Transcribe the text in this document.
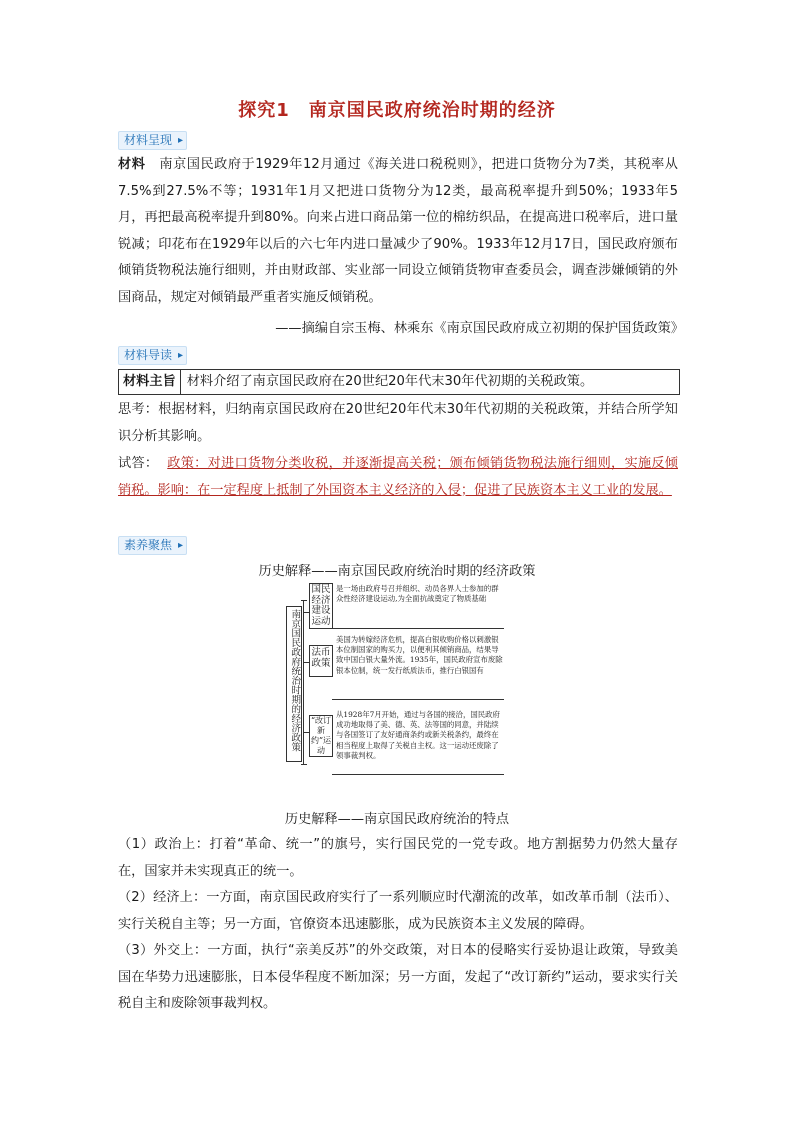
探究1　南京国民政府统治时期的经济
材料呈现 ▸
材料 南京国民政府于1929年12月通过《海关进口税税则》，把进口货物分为7类，其税率从7.5%到27.5%不等；1931年1月又把进口货物分为12类，最高税率提升到50%；1933年5月，再把最高税率提升到80%。向来占进口商品第一位的棉纺织品，在提高进口税率后，进口量锐减；印花布在1929年以后的六七年内进口量减少了90%。1933年12月17日，国民政府颁布倾销货物税法施行细则，并由财政部、实业部一同设立倾销货物审查委员会，调查涉嫌倾销的外国商品，规定对倾销最严重者实施反倾销税。
——摘编自宗玉梅、林乘东《南京国民政府成立初期的保护国货政策》
材料导读 ▸
材料主旨 材料介绍了南京国民政府在20世纪20年代末30年代初期的关税政策。
思考：根据材料，归纳南京国民政府在20世纪20年代末30年代初期的关税政策，并结合所学知识分析其影响。
试答： 政策：对进口货物分类收税，并逐渐提高关税；颁布倾销货物税法施行细则，实施反倾销税。影响：在一定程度上抵制了外国资本主义经济的入侵；促进了民族资本主义工业的发展。
素养聚焦 ▸
历史解释——南京国民政府统治时期的经济政策
南京国民政府统治时期的经济政策
国民经济建设运动
是一场由政府号召并组织、动员各界人士参加的群众性经济建设运动,为全面抗战奠定了物质基础
法币政策
美国为转嫁经济危机，提高白银收购价格以刺激银本位制国家的购买力，以便利其倾销商品，结果导致中国白银大量外流。1935年，国民政府宣布废除银本位制，统一发行纸质法币，推行白银国有
“改订新约”运动
从1928年7月开始，通过与各国的接洽，国民政府成功地取得了美、德、英、法等国的同意，并陆续与各国签订了友好通商条约或新关税条约，最终在相当程度上取得了关税自主权。这一运动还废除了领事裁判权。
历史解释——南京国民政府统治的特点

（1）政治上：打着“革命、统一”的旗号，实行国民党的一党专政。地方割据势力仍然大量存在，国家并未实现真正的统一。

（2）经济上：一方面，南京国民政府实行了一系列顺应时代潮流的改革，如改革币制（法币）、实行关税自主等；另一方面，官僚资本迅速膨胀，成为民族资本主义发展的障碍。

（3）外交上：一方面，执行“亲美反苏”的外交政策，对日本的侵略实行妥协退让政策，导致美国在华势力迅速膨胀，日本侵华程度不断加深；另一方面，发起了“改订新约”运动，要求实行关税自主和废除领事裁判权。
